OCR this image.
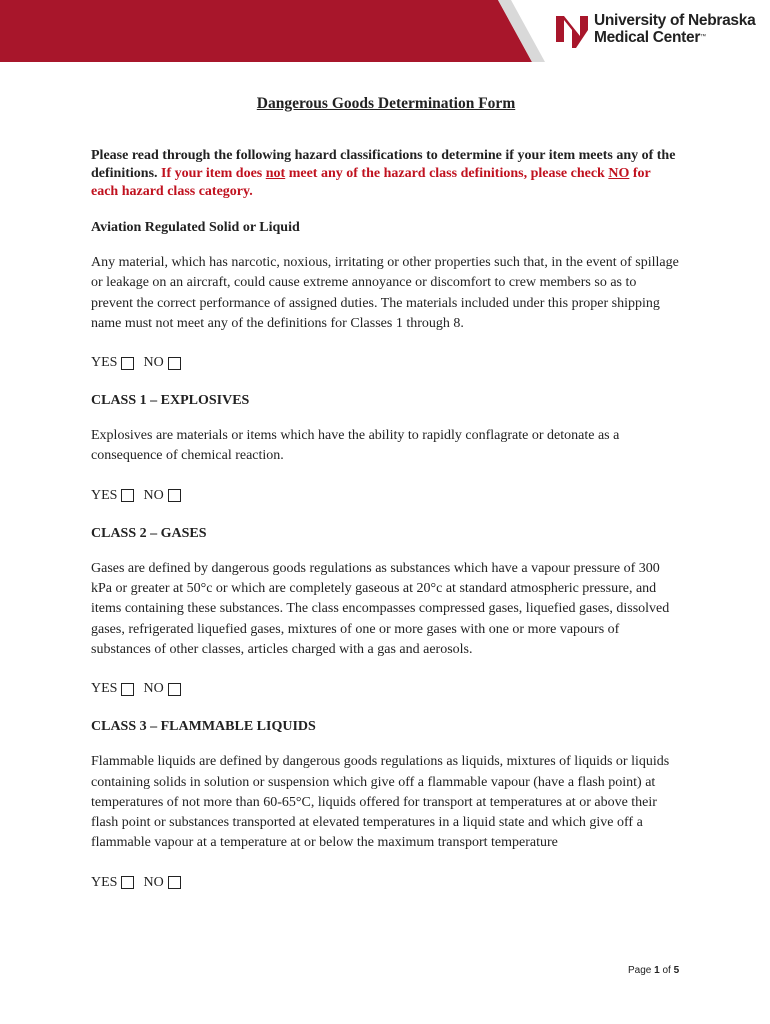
University of Nebraska
Medical Center™
Dangerous Goods Determination Form

Please read through the following hazard classifications to determine if your item meets any of the definitions. If your item does not meet any of the hazard class definitions, please check NO for each hazard class category.

Aviation Regulated Solid or Liquid

Any material, which has narcotic, noxious, irritating or other properties such that, in the event of spillage or leakage on an aircraft, could cause extreme annoyance or discomfort to crew members so as to prevent the correct performance of assigned duties. The materials included under this proper shipping name must not meet any of the definitions for Classes 1 through 8.

YES NO
CLASS 1 – EXPLOSIVES

Explosives are materials or items which have the ability to rapidly conflagrate or detonate as a consequence of chemical reaction.

YES NO
CLASS 2 – GASES

Gases are defined by dangerous goods regulations as substances which have a vapour pressure of 300 kPa or greater at 50°c or which are completely gaseous at 20°c at standard atmospheric pressure, and items containing these substances. The class encompasses compressed gases, liquefied gases, dissolved gases, refrigerated liquefied gases, mixtures of one or more gases with one or more vapours of substances of other classes, articles charged with a gas and aerosols.

YES NO
CLASS 3 – FLAMMABLE LIQUIDS

Flammable liquids are defined by dangerous goods regulations as liquids, mixtures of liquids or liquids containing solids in solution or suspension which give off a flammable vapour (have a flash point) at temperatures of not more than 60-65°C, liquids offered for transport at temperatures at or above their flash point or substances transported at elevated temperatures in a liquid state and which give off a flammable vapour at a temperature at or below the maximum transport temperature

YES NO
Page 1 of 5
